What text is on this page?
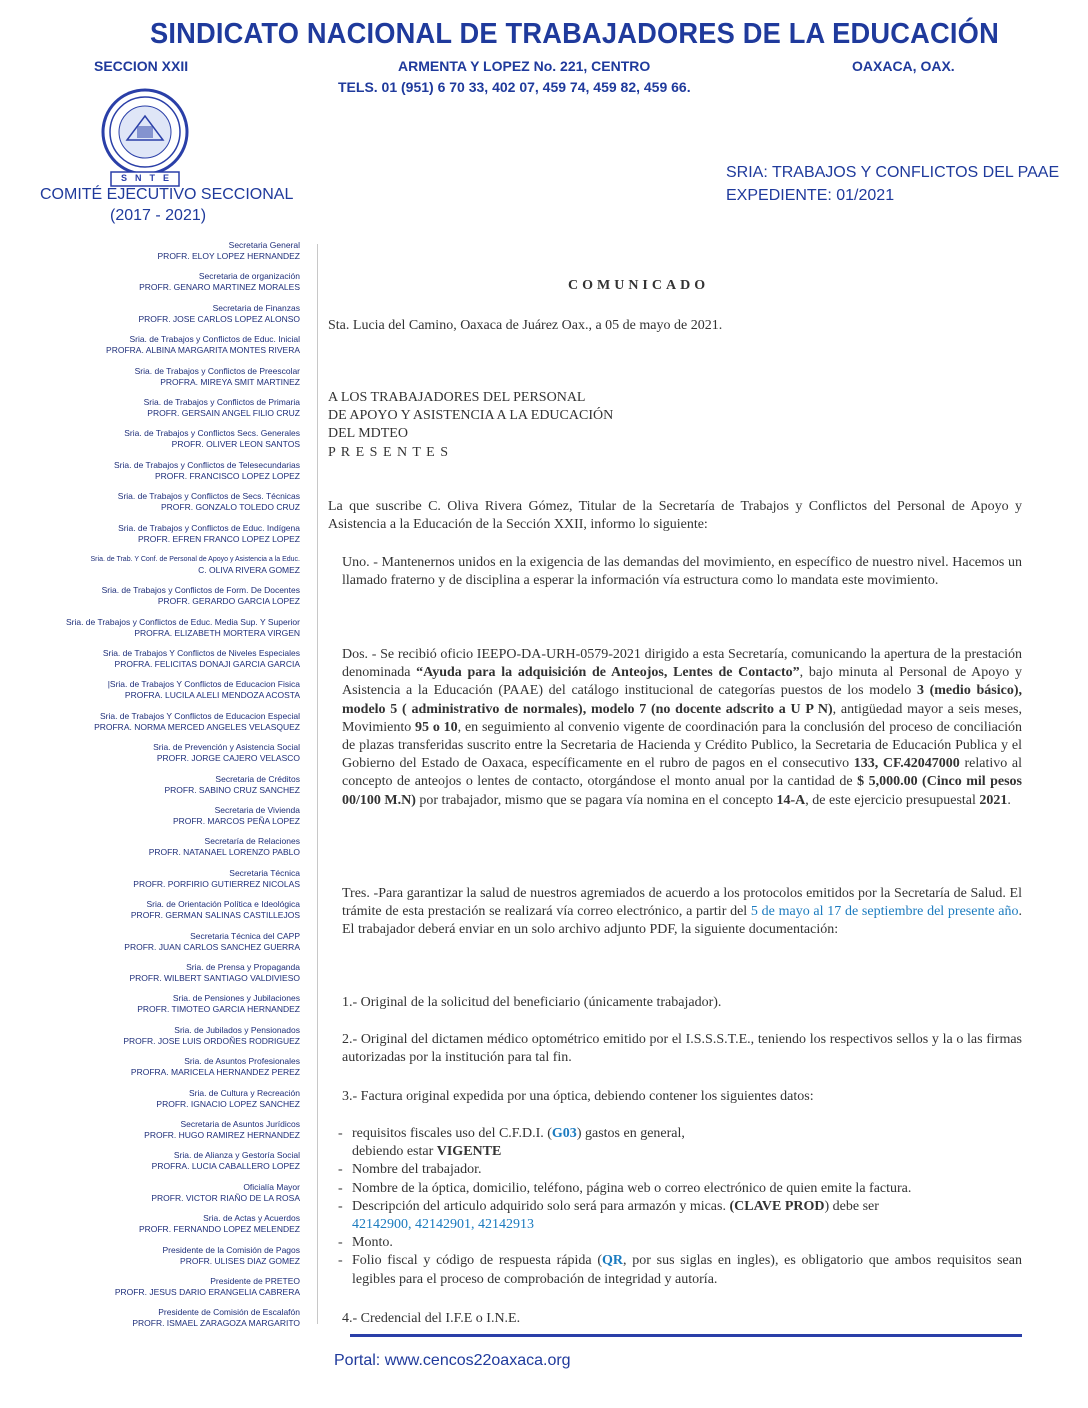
SINDICATO NACIONAL DE TRABAJADORES DE LA EDUCACIÓN
SECCION XXII	ARMENTA Y LOPEZ No. 221, CENTRO	OAXACA, OAX.
TELS. 01 (951) 6 70 33, 402 07, 459 74, 459 82, 459 66.
SNTE
COMITÉ EJECUTIVO SECCIONAL
(2017 - 2021)
SRIA: TRABAJOS Y CONFLICTOS DEL PAAE
EXPEDIENTE: 01/2021
Secretaria General
PROFR. ELOY LOPEZ HERNANDEZ
Secretaria de organización
PROFR. GENARO MARTINEZ MORALES
Secretaria de Finanzas
PROFR. JOSE CARLOS LOPEZ ALONSO
Sria. de Trabajos y Conflictos de Educ. Inicial
PROFRA. ALBINA MARGARITA MONTES RIVERA
Sria. de Trabajos y Conflictos de Preescolar
PROFRA. MIREYA SMIT MARTINEZ
Sria. de Trabajos y Conflictos de Primaria
PROFR. GERSAIN ANGEL FILIO CRUZ
Sria. de Trabajos y Conflictos Secs. Generales
PROFR. OLIVER LEON SANTOS
Sria. de Trabajos y Conflictos de Telesecundarias
PROFR. FRANCISCO LOPEZ LOPEZ
Sria. de Trabajos y Conflictos de Secs. Técnicas
PROFR. GONZALO TOLEDO CRUZ
Sria. de Trabajos y Conflictos de Educ. Indígena
PROFR. EFREN FRANCO LOPEZ LOPEZ
Sria. de Trab. Y Conf. de Personal de Apoyo y Asistencia a la Educ.
C. OLIVA RIVERA GOMEZ
Sria. de Trabajos y Conflictos de Form. De Docentes
PROFR. GERARDO GARCIA LOPEZ
Sria. de Trabajos y Conflictos de Educ. Media Sup. Y Superior
PROFRA. ELIZABETH MORTERA VIRGEN
Sria. de Trabajos Y Conflictos de Niveles Especiales
PROFRA. FELICITAS DONAJI GARCIA GARCIA
|Sria. de Trabajos Y Conflictos de Educacion Fisica
PROFRA. LUCILA ALELI MENDOZA ACOSTA
Sria. de Trabajos Y Conflictos de Educacion Especial
PROFRA. NORMA MERCED ANGELES VELASQUEZ
Sria. de Prevención y Asistencia Social
PROFR. JORGE CAJERO VELASCO
Secretaria de Créditos
PROFR. SABINO CRUZ SANCHEZ
Secretaria de Vivienda
PROFR. MARCOS PEÑA LOPEZ
Secretaría de Relaciones
PROFR. NATANAEL LORENZO PABLO
Secretaria Técnica
PROFR. PORFIRIO GUTIERREZ NICOLAS
Sria. de Orientación Política e Ideológica
PROFR. GERMAN SALINAS CASTILLEJOS
Secretaria Técnica del CAPP
PROFR. JUAN CARLOS SANCHEZ GUERRA
Sria. de Prensa y Propaganda
PROFR. WILBERT SANTIAGO VALDIVIESO
Sria. de Pensiones y Jubilaciones
PROFR. TIMOTEO GARCIA HERNANDEZ
Sria. de Jubilados y Pensionados
PROFR. JOSE LUIS ORDOÑES RODRIGUEZ
Sria. de Asuntos Profesionales
PROFRA. MARICELA HERNANDEZ PEREZ
Sria. de Cultura y Recreación
PROFR. IGNACIO LOPEZ SANCHEZ
Secretaria de Asuntos Jurídicos
PROFR. HUGO RAMIREZ HERNANDEZ
Sria. de Alianza y Gestoría Social
PROFRA. LUCIA CABALLERO LOPEZ
Oficialía Mayor
PROFR. VICTOR RIAÑO DE LA ROSA
Sria. de Actas y Acuerdos
PROFR. FERNANDO LOPEZ MELENDEZ
Presidente de la Comisión de Pagos
PROFR. ULISES DIAZ GOMEZ
Presidente de PRETEO
PROFR. JESUS DARIO ERANGELIA CABRERA
Presidente de Comisión de Escalafón
PROFR. ISMAEL ZARAGOZA MARGARITO
COMUNICADO
Sta. Lucia del Camino, Oaxaca de Juárez Oax., a 05 de mayo de 2021.
A LOS TRABAJADORES DEL PERSONAL
DE APOYO Y ASISTENCIA A LA EDUCACIÓN
DEL MDTEO
P R E S E N T E S
La que suscribe C. Oliva Rivera Gómez, Titular de la Secretaría de Trabajos y Conflictos del Personal de Apoyo y Asistencia a la Educación de la Sección XXII, informo lo siguiente:
Uno. - Mantenernos unidos en la exigencia de las demandas del movimiento, en específico de nuestro nivel. Hacemos un llamado fraterno y de disciplina a esperar la información vía estructura como lo mandata este movimiento.
Dos. - Se recibió oficio IEEPO-DA-URH-0579-2021 dirigido a esta Secretaría, comunicando la apertura de la prestación denominada “Ayuda para la adquisición de Anteojos, Lentes de Contacto”, bajo minuta al Personal de Apoyo y Asistencia a la Educación (PAAE) del catálogo institucional de categorías puestos de los modelo 3 (medio básico), modelo 5 ( administrativo de normales), modelo 7 (no docente adscrito a U P N), antigüedad mayor a seis meses, Movimiento 95 o 10, en seguimiento al convenio vigente de coordinación para la conclusión del proceso de conciliación de plazas transferidas suscrito entre la Secretaria de Hacienda y Crédito Publico, la Secretaria de Educación Publica y el Gobierno del Estado de Oaxaca, específicamente en el rubro de pagos en el consecutivo 133, CF.42047000 relativo al concepto de anteojos o lentes de contacto, otorgándose el monto anual por la cantidad de $ 5,000.00 (Cinco mil pesos 00/100 M.N) por trabajador, mismo que se pagara vía nomina en el concepto 14-A, de este ejercicio presupuestal 2021.
Tres. -Para garantizar la salud de nuestros agremiados de acuerdo a los protocolos emitidos por la Secretaría de Salud. El trámite de esta prestación se realizará vía correo electrónico, a partir del 5 de mayo al 17 de septiembre del presente año. El trabajador deberá enviar en un solo archivo adjunto PDF, la siguiente documentación:
1.- Original de la solicitud del beneficiario (únicamente trabajador).
2.- Original del dictamen médico optométrico emitido por el I.S.S.S.T.E., teniendo los respectivos sellos y la o las firmas autorizadas por la institución para tal fin.
3.- Factura original expedida por una óptica, debiendo contener los siguientes datos:
- requisitos fiscales uso del C.F.D.I. (G03) gastos en general,
debiendo estar VIGENTE
- Nombre del trabajador.
- Nombre de la óptica, domicilio, teléfono, página web o correo electrónico de quien emite la factura.
- Descripción del articulo adquirido solo será para armazón y micas. (CLAVE PROD) debe ser
42142900, 42142901, 42142913
- Monto.
- Folio fiscal y código de respuesta rápida (QR, por sus siglas en ingles), es obligatorio que ambos requisitos sean legibles para el proceso de comprobación de integridad y autoría.
4.- Credencial del I.F.E o I.N.E.
Portal: www.cencos22oaxaca.org
